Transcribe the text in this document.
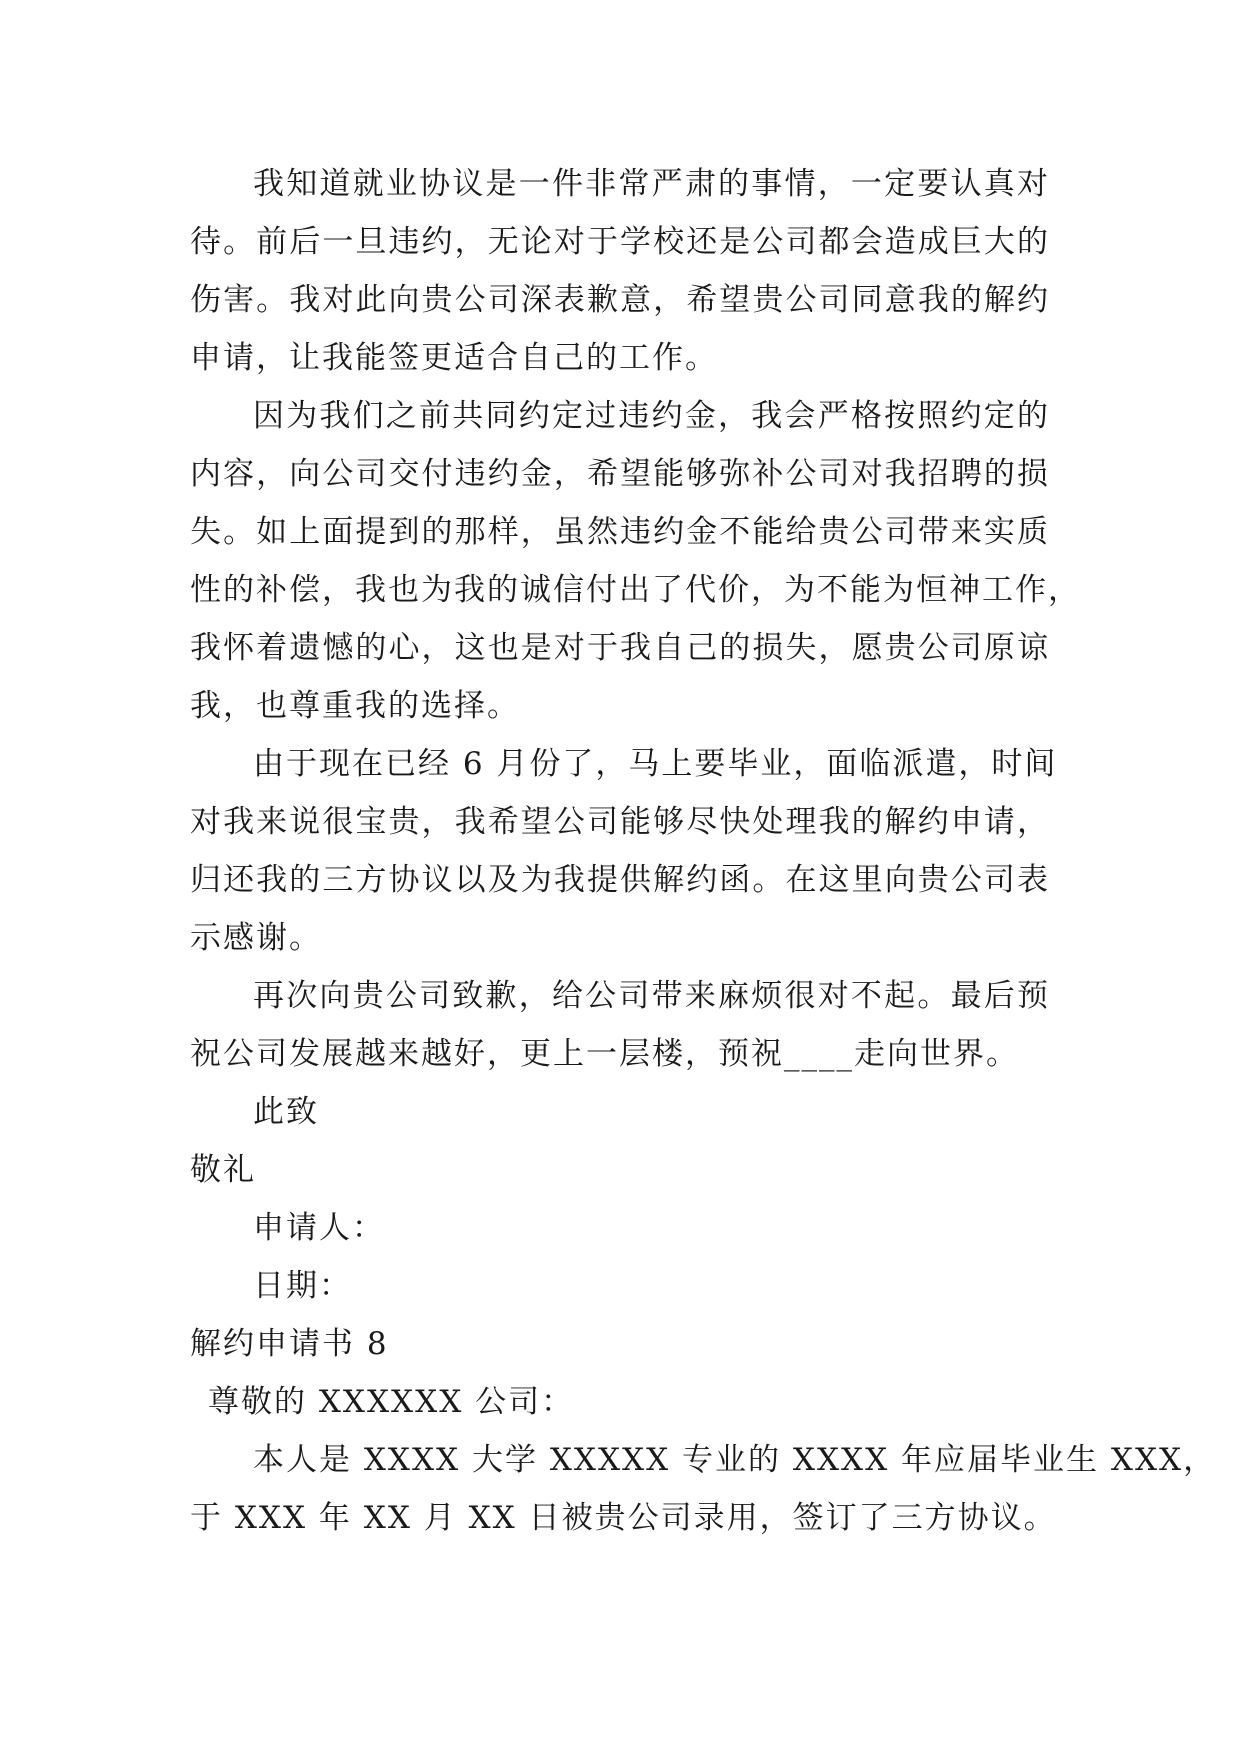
我知道就业协议是一件非常严肃的事情，一定要认真对
待。前后一旦违约，无论对于学校还是公司都会造成巨大的
伤害。我对此向贵公司深表歉意，希望贵公司同意我的解约
申请，让我能签更适合自己的工作。
因为我们之前共同约定过违约金，我会严格按照约定的
内容，向公司交付违约金，希望能够弥补公司对我招聘的损
失。如上面提到的那样，虽然违约金不能给贵公司带来实质
性的补偿，我也为我的诚信付出了代价，为不能为恒神工作，
我怀着遗憾的心，这也是对于我自己的损失，愿贵公司原谅
我，也尊重我的选择。
由于现在已经 6 月份了，马上要毕业，面临派遣，时间
对我来说很宝贵，我希望公司能够尽快处理我的解约申请，
归还我的三方协议以及为我提供解约函。在这里向贵公司表
示感谢。
再次向贵公司致歉，给公司带来麻烦很对不起。最后预
祝公司发展越来越好，更上一层楼，预祝____走向世界。
此致
敬礼
申请人：
日期：
解约申请书 8
尊敬的 XXXXXX 公司：
本人是 XXXX 大学 XXXXX 专业的 XXXX 年应届毕业生 XXX，
于 XXX 年 XX 月 XX 日被贵公司录用，签订了三方协议。
